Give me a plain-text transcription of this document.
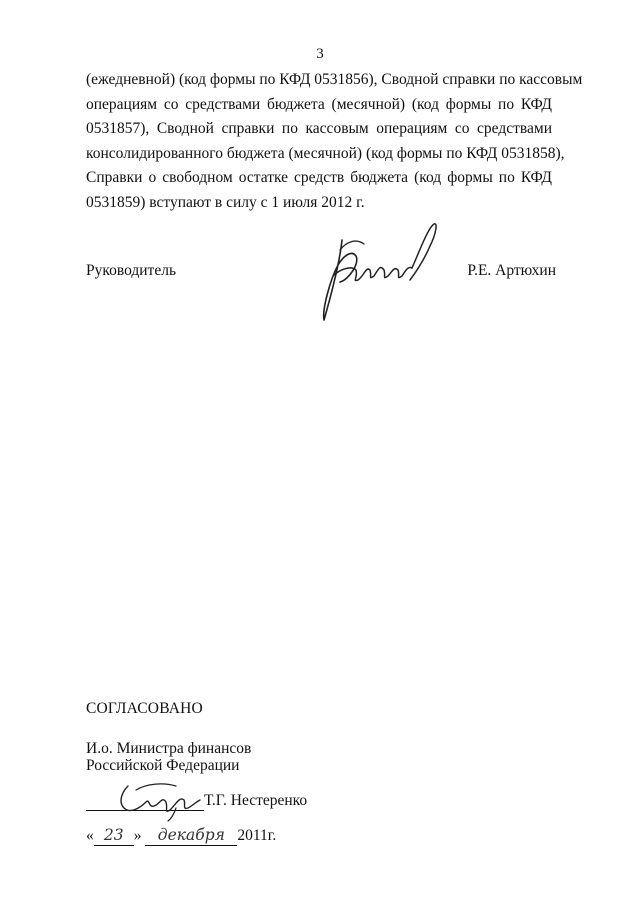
3
(ежедневной) (код формы по КФД 0531856), Сводной справки по кассовым
операциям со средствами бюджета (месячной) (код формы по КФД
0531857), Сводной справки по кассовым операциям со средствами
консолидированного бюджета (месячной) (код формы по КФД 0531858),
Справки о свободном остатке средств бюджета (код формы по КФД
0531859) вступают в силу с 1 июля 2012 г.
Руководитель	Р.Е. Артюхин
СОГЛАСОВАНО
И.о. Министра финансов
Российской Федерации
Т.Г. Нестеренко
« 23 » декабря 2011г.
